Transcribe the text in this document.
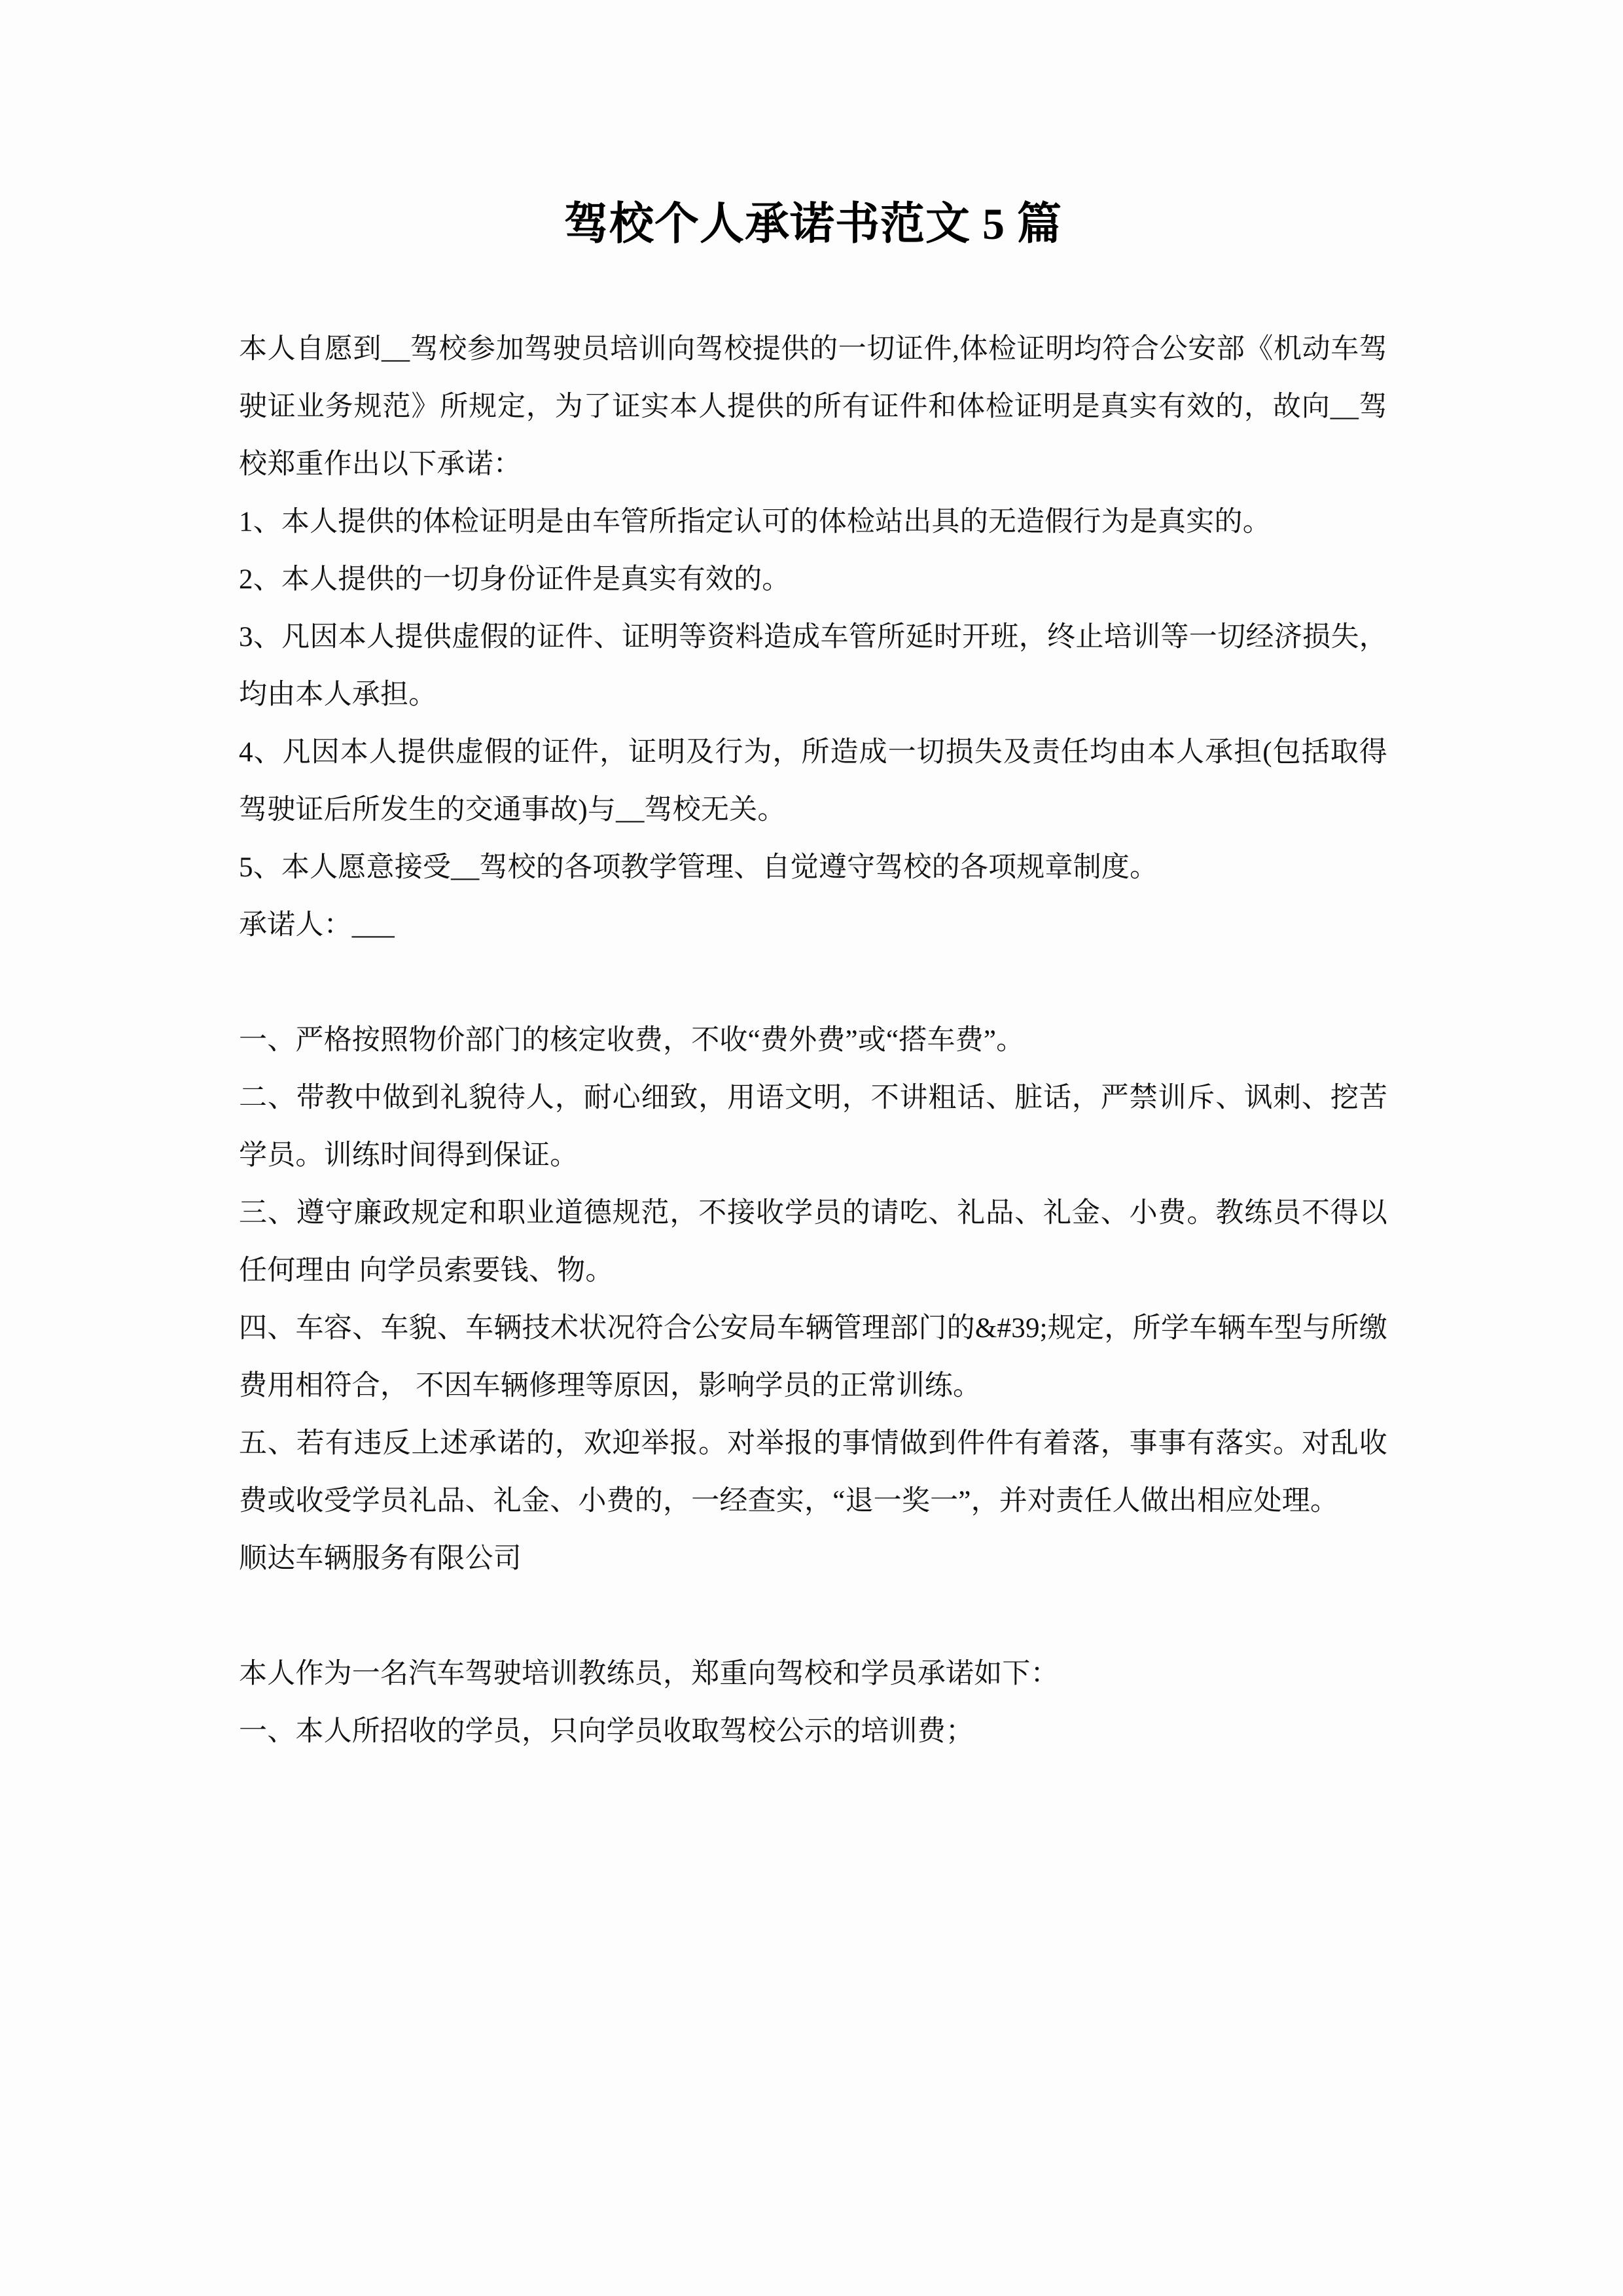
驾校个人承诺书范文 5 篇

本人自愿到__驾校参加驾驶员培训向驾校提供的一切证件,体检证明均符合公安部《机动车驾驶证业务规范》所规定，为了证实本人提供的所有证件和体检证明是真实有效的，故向__驾校郑重作出以下承诺：

1、本人提供的体检证明是由车管所指定认可的体检站出具的无造假行为是真实的。

2、本人提供的一切身份证件是真实有效的。

3、凡因本人提供虚假的证件、证明等资料造成车管所延时开班，终止培训等一切经济损失，均由本人承担。

4、凡因本人提供虚假的证件，证明及行为，所造成一切损失及责任均由本人承担(包括取得驾驶证后所发生的交通事故)与__驾校无关。

5、本人愿意接受__驾校的各项教学管理、自觉遵守驾校的各项规章制度。

承诺人：___

一、严格按照物价部门的核定收费，不收“费外费”或“搭车费”。

二、带教中做到礼貌待人，耐心细致，用语文明，不讲粗话、脏话，严禁训斥、讽刺、挖苦学员。训练时间得到保证。

三、遵守廉政规定和职业道德规范，不接收学员的请吃、礼品、礼金、小费。教练员不得以任何理由 向学员索要钱、物。

四、车容、车貌、车辆技术状况符合公安局车辆管理部门的&#39;规定，所学车辆车型与所缴费用相符合， 不因车辆修理等原因，影响学员的正常训练。

五、若有违反上述承诺的，欢迎举报。对举报的事情做到件件有着落，事事有落实。对乱收费或收受学员礼品、礼金、小费的，一经查实，“退一奖一”，并对责任人做出相应处理。

顺达车辆服务有限公司

本人作为一名汽车驾驶培训教练员，郑重向驾校和学员承诺如下：

一、本人所招收的学员，只向学员收取驾校公示的培训费；
